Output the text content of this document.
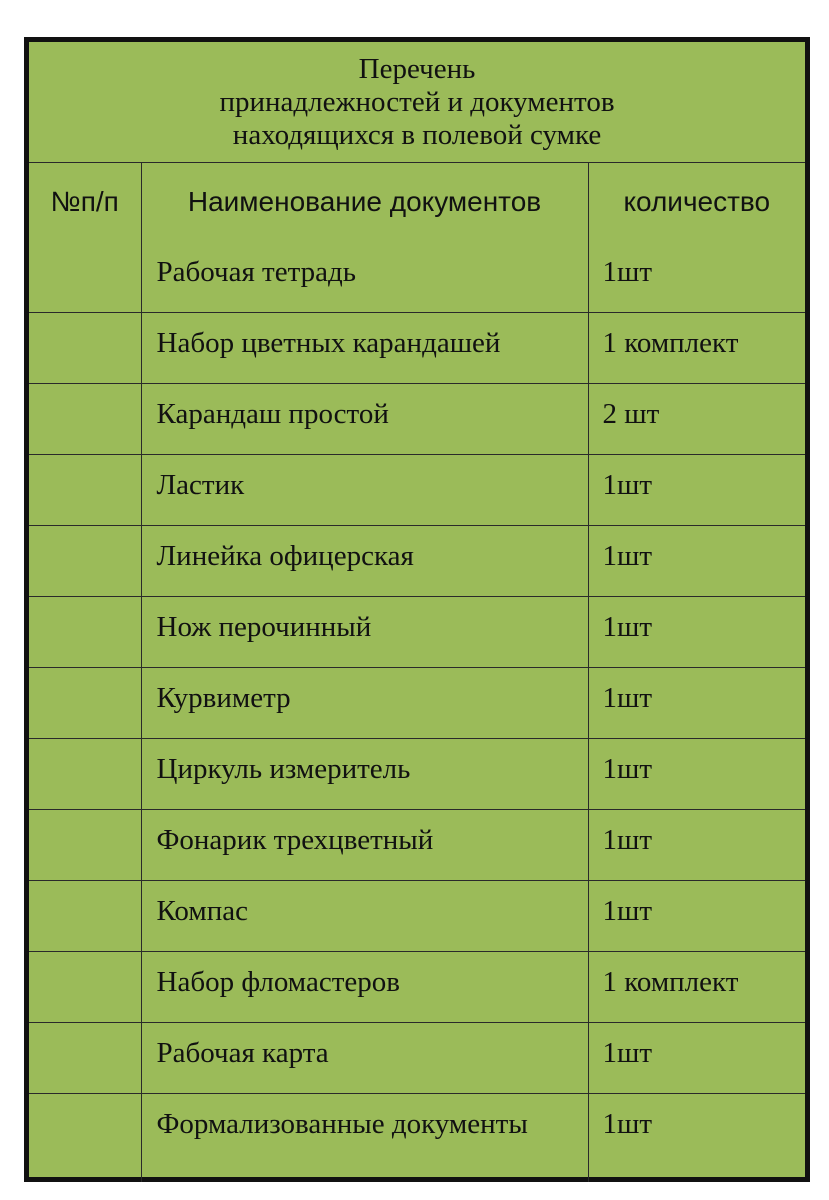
Перечень
принадлежностей и документов
находящихся в полевой сумке		

№п/п	Наименование документов	количество
	Рабочая тетрадь	1шт
	Набор цветных карандашей	1 комплект
	Карандаш простой	2 шт
	Ластик	1шт
	Линейка офицерская	1шт
	Нож перочинный	1шт
	Курвиметр	1шт
	Циркуль измеритель	1шт
	Фонарик трехцветный	1шт
	Компас	1шт
	Набор фломастеров	1 комплект
	Рабочая карта	1шт
	Формализованные документы	1шт
